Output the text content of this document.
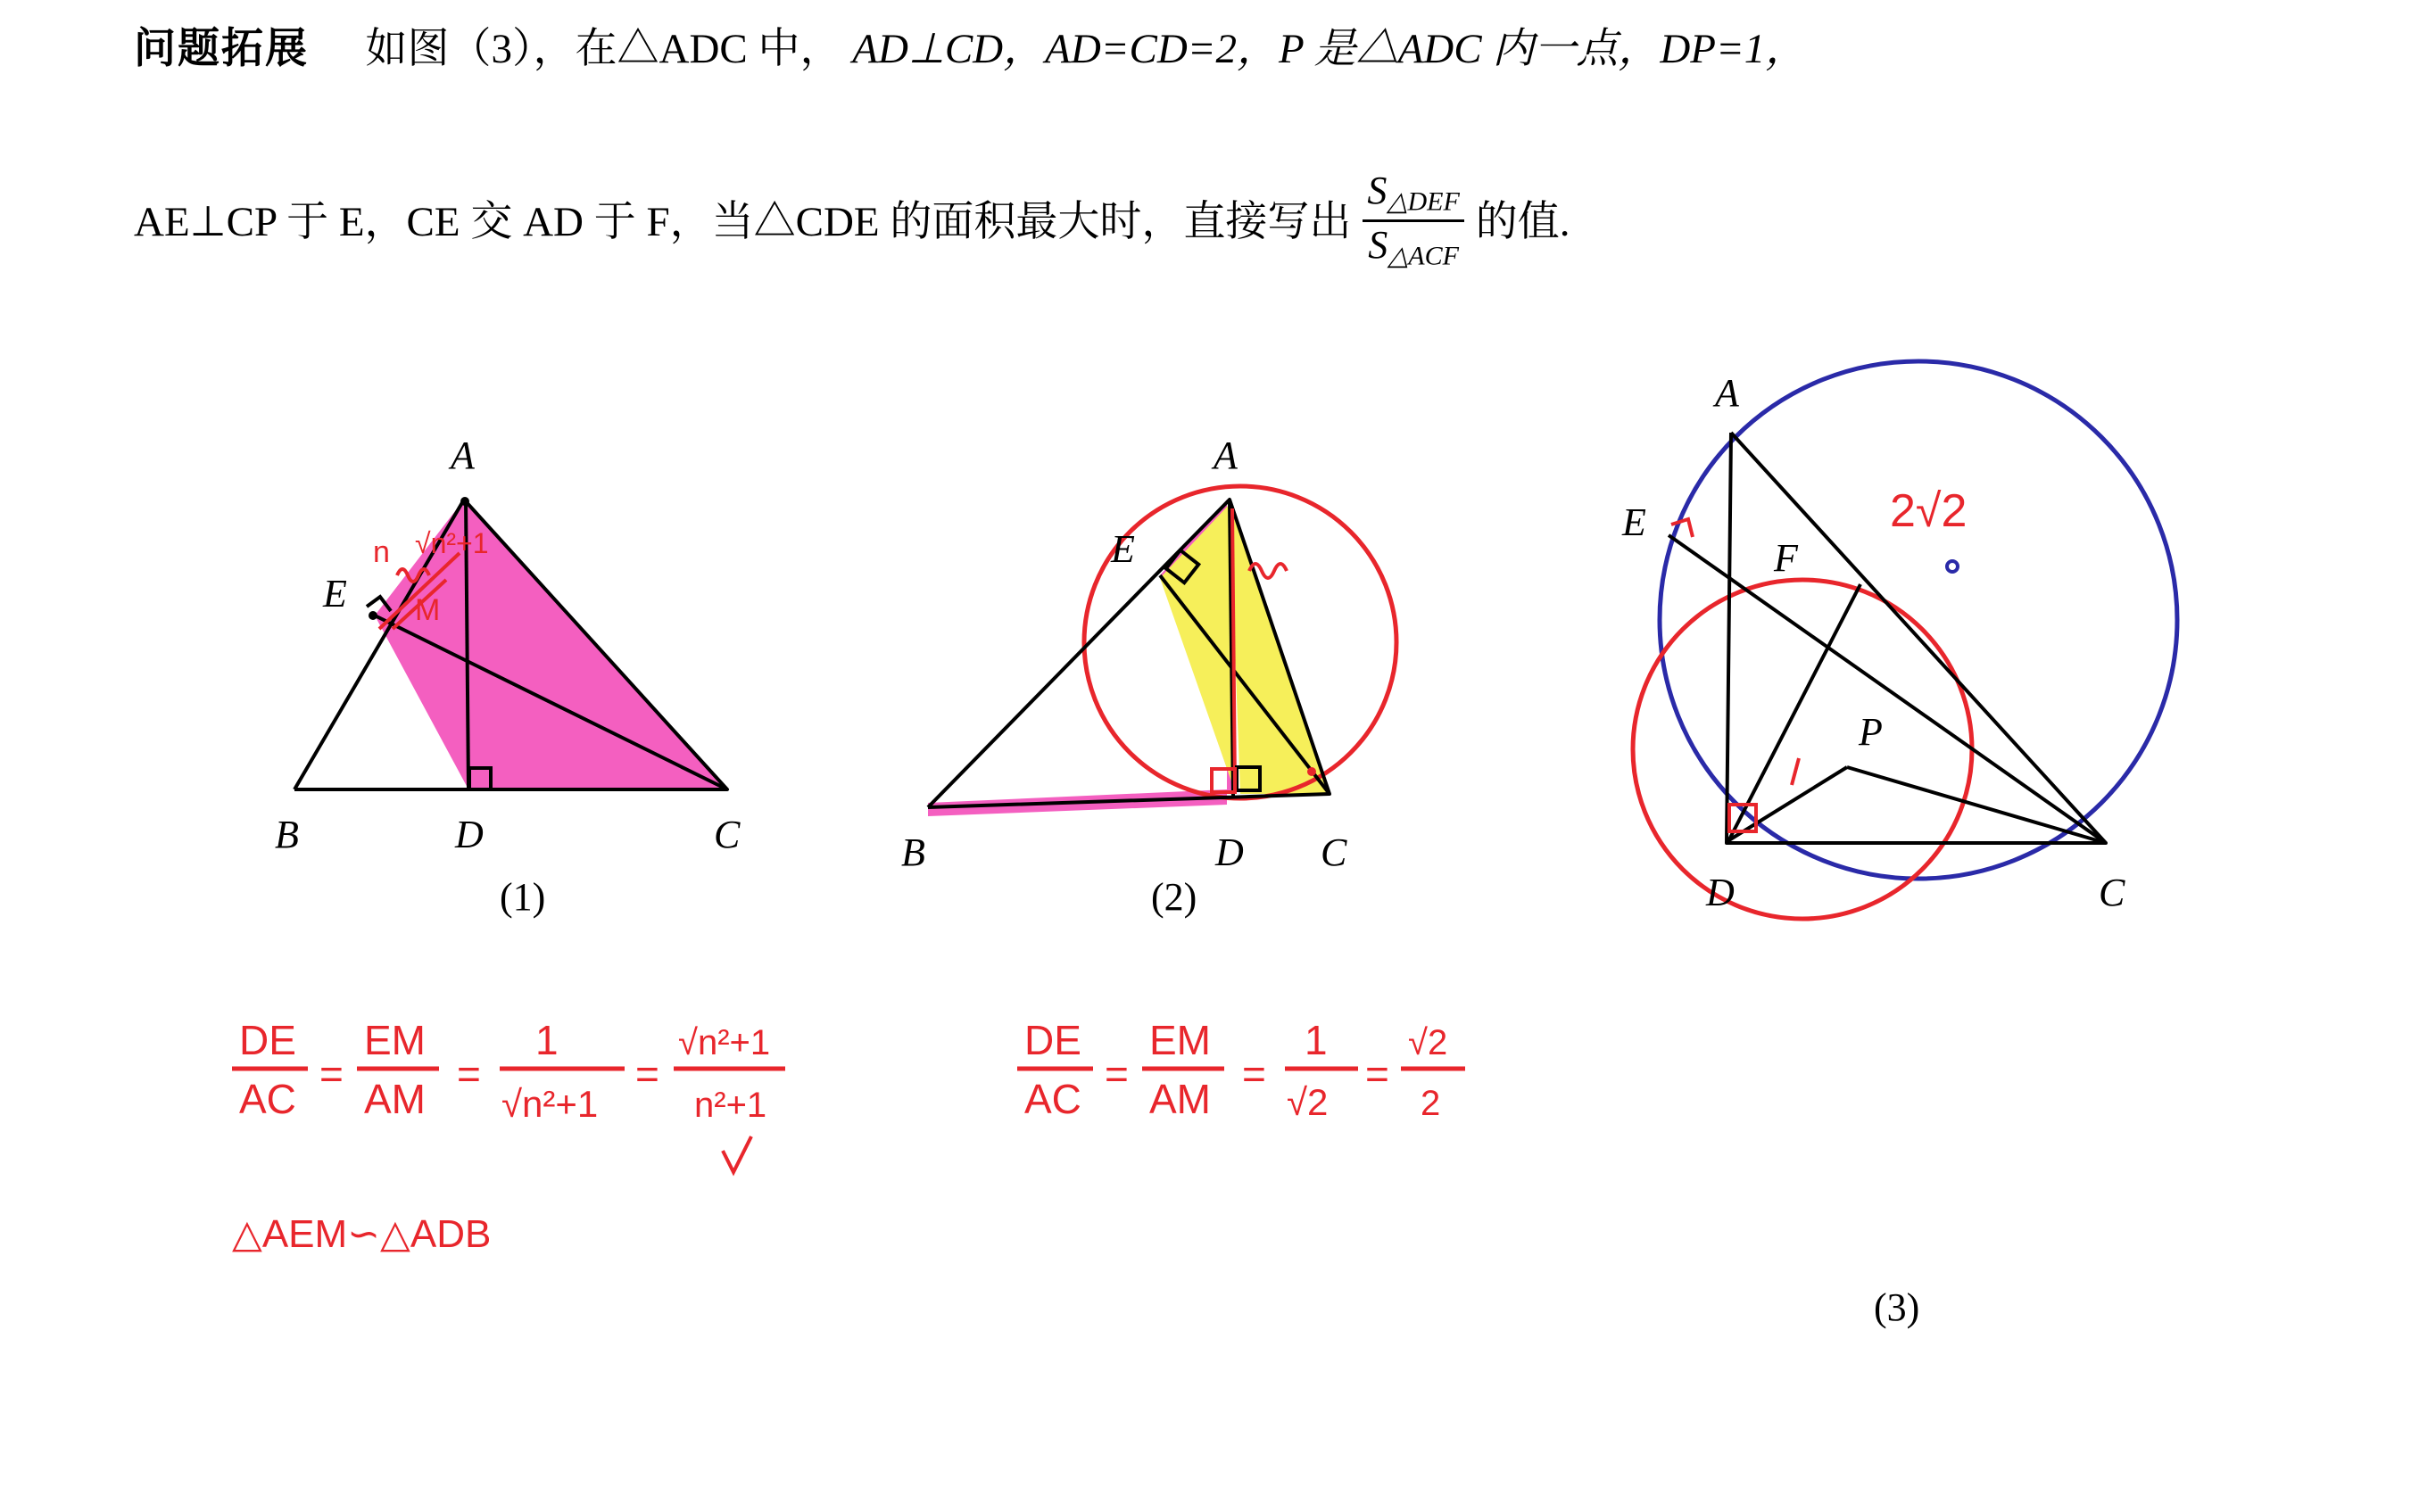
问题拓展 如图（3），在△ADC 中， AD⊥CD，AD=CD=2，P 是△ADC 内一点，DP=1，
AE⊥CP 于 E，CE 交 AD 于 F，当△CDE 的面积最大时，直接写出 $\frac{S_{\triangle DEF}}{S_{\triangle ACF}}$ 的值.
A
E
B	D	C
n √n²+1
M
(1)
A
E
B	D C
(2)
2√2
A
E
F
P
D	C
(3)
DE
AC
=
EM
AM
=
1
√n²+1
=
√n²+1
n²+1
△AEM∽△ADB
DE
AC
=
EM
AM
=
1
√2
=
√2
2
